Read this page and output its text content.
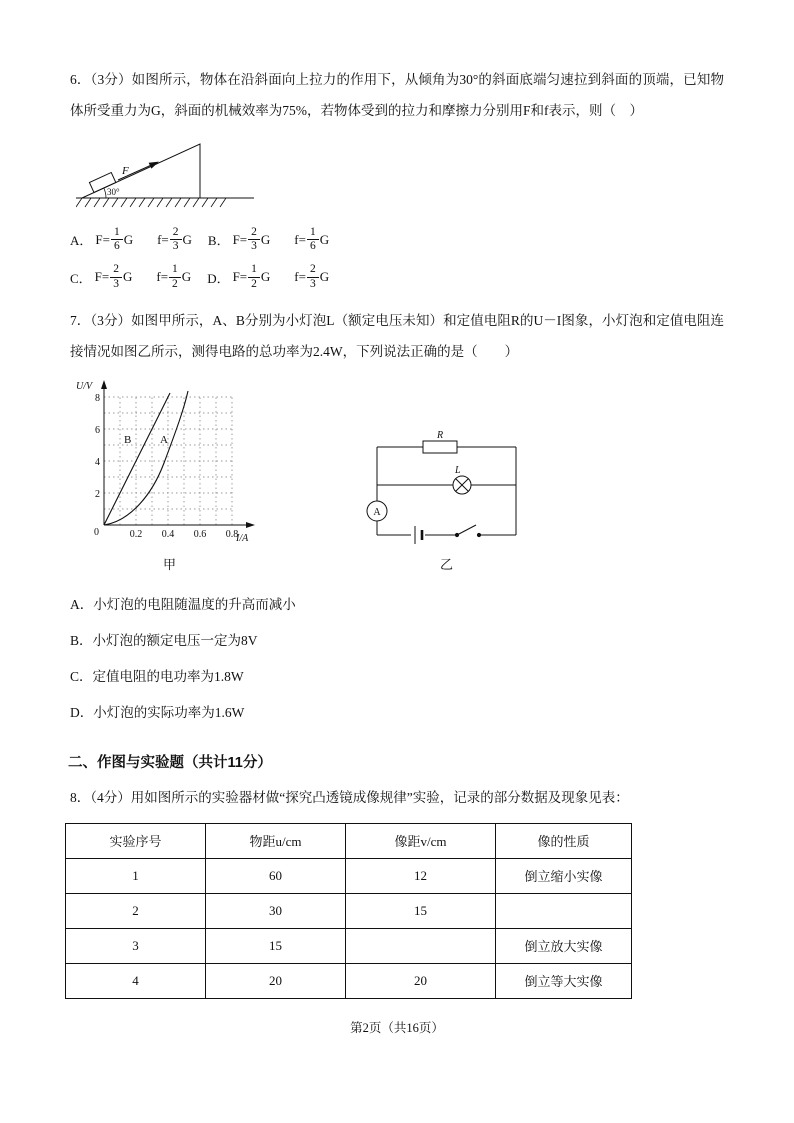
6．（3分）如图所示，物体在沿斜面向上拉力的作用下，从倾角为30°的斜面底端匀速拉到斜面的顶端，已知物体所受重力为G，斜面的机械效率为75%，若物体受到的拉力和摩擦力分别用F和f表示，则（　）

F
30°
A． $F= \frac{1}{6}$ G $f= \frac{2}{3}$ G B． $F= \frac{2}{3}$ G $f= \frac{1}{6}$ G
C． $F= \frac{2}{3}$ G $f= \frac{1}{2}$ G D． $F= \frac{1}{2}$ G $f= \frac{2}{3}$ G

7．（3分）如图甲所示，A、B分别为小灯泡L（额定电压未知）和定值电阻R的U－I图象，小灯泡和定值电阻连接情况如图乙所示，测得电路的总功率为2.4W，下列说法正确的是（　　）

U/V
I/A
0
2
4
6
8
0.2 0.4 0.6 0.8
B	A
甲
R
L
A
乙

A．小灯泡的电阻随温度的升高而减小

B．小灯泡的额定电压一定为8V

C．定值电阻的电功率为1.8W

D．小灯泡的实际功率为1.6W

二、作图与实验题（共计11分）

8．（4分）用如图所示的实验器材做“探究凸透镜成像规律”实验，记录的部分数据及现象见表：

实验序号	物距u/cm	像距v/cm	像的性质
1	60	12	倒立缩小实像
2	30	15	
3	15		倒立放大实像
4	20	20	倒立等大实像
第2页（共16页）
